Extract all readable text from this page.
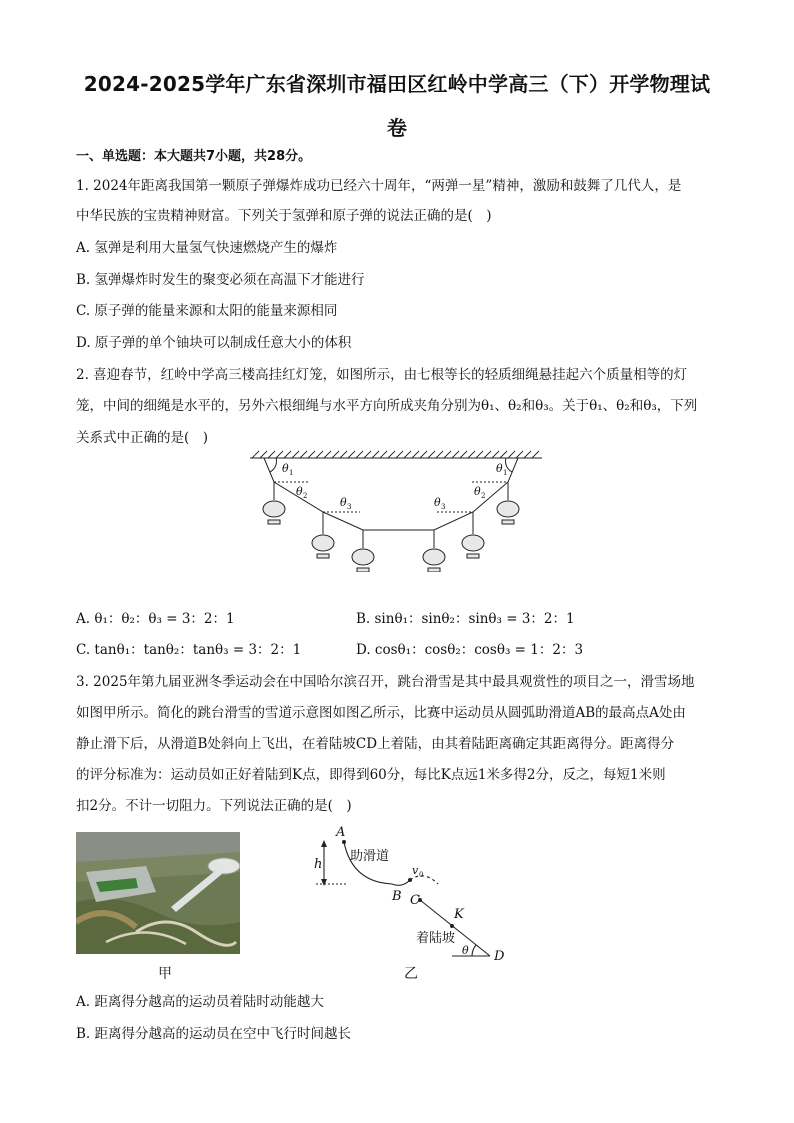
2024-2025学年广东省深圳市福田区红岭中学高三（下）开学物理试
卷
一、单选题：本大题共7小题，共28分。
1. 2024年距离我国第一颗原子弹爆炸成功已经六十周年，“两弹一星”精神，激励和鼓舞了几代人，是
中华民族的宝贵精神财富。下列关于氢弹和原子弹的说法正确的是(　)
A. 氢弹是利用大量氢气快速燃烧产生的爆炸
B. 氢弹爆炸时发生的聚变必须在高温下才能进行
C. 原子弹的能量来源和太阳的能量来源相同
D. 原子弹的单个铀块可以制成任意大小的体积
2. 喜迎春节，红岭中学高三楼高挂红灯笼，如图所示，由七根等长的轻质细绳悬挂起六个质量相等的灯
笼，中间的细绳是水平的，另外六根细绳与水平方向所成夹角分别为θ₁、θ₂和θ₃。关于θ₁、θ₂和θ₃，下列
关系式中正确的是(　)
θ 1	θ 1
θ 2	θ 2
θ 3	θ 3
A. θ₁：θ₂：θ₃ = 3：2：1	B. sinθ₁：sinθ₂：sinθ₃ = 3：2：1
C. tanθ₁：tanθ₂：tanθ₃ = 3：2：1	D. cosθ₁：cosθ₂：cosθ₃ = 1：2：3
3. 2025年第九届亚洲冬季运动会在中国哈尔滨召开，跳台滑雪是其中最具观赏性的项目之一，滑雪场地
如图甲所示。简化的跳台滑雪的雪道示意图如图乙所示，比赛中运动员从圆弧助滑道AB的最高点A处由
静止滑下后，从滑道B处斜向上飞出，在着陆坡CD上着陆，由其着陆距离确定其距离得分。距离得分
的评分标准为：运动员如正好着陆到K点，即得到60分，每比K点远1米多得2分，反之，每短1米则
扣2分。不计一切阻力。下列说法正确的是(　)
甲
A
h
B C
K
D
v 0
θ
助滑道
着陆坡
乙
A. 距离得分越高的运动员着陆时动能越大
B. 距离得分越高的运动员在空中飞行时间越长
